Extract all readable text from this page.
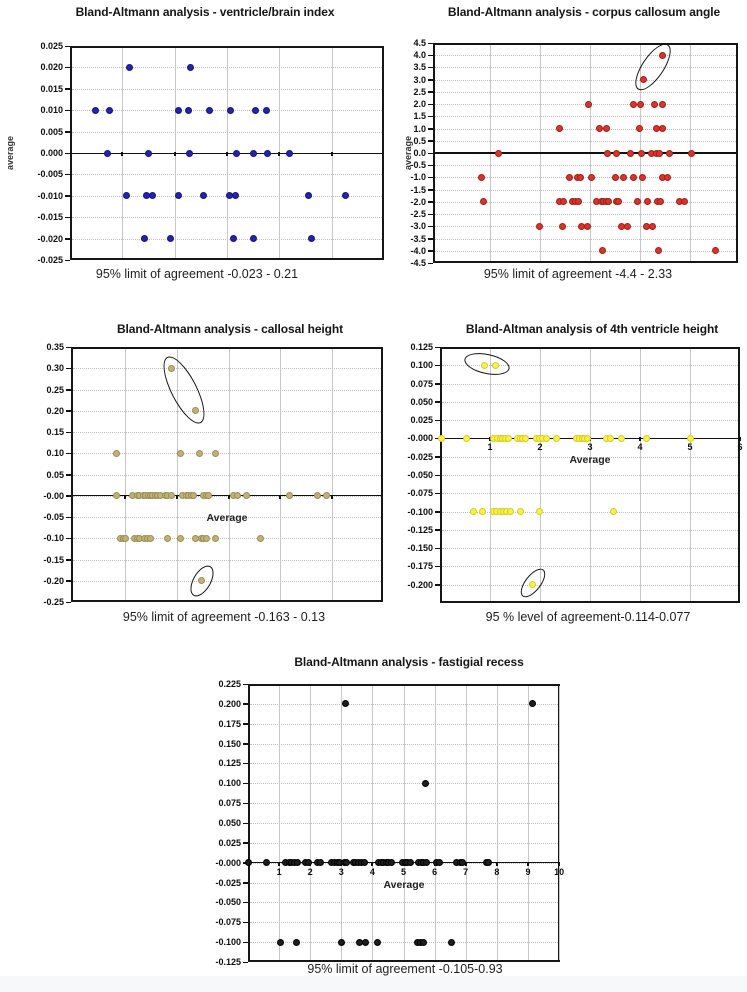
Bland-Altmann analysis - ventricle/brain index
average
95% limit of agreement -0.023 - 0.21
0.025
0.020
0.015
0.010
0.005
0.000
-0.005
-0.010
-0.015
-0.020
-0.025
Bland-Altmann analysis - corpus callosum angle
average
95% limit of agreement -4.4 - 2.33
4.5
4.0
3.5
3.0
2.5
2.0
1.5
1.0
0.5
0.0
-0.5
-1.0
-1.5
-2.0
-2.5
-3.0
-3.5
-4.0
-4.5
Bland-Altmann analysis - callosal height
95% limit of agreement -0.163 - 0.13
0.35
0.30
0.25
0.20
0.15
0.10
0.05
-0.00
-0.05
-0.10
-0.15
-0.20
-0.25
Average
Bland-Altman analysis of 4th ventricle height
95 % level of agreement-0.114-0.077
0.125
0.100
0.075
0.050
0.025
-0.000
-0.025
-0.050
-0.075
-0.100
-0.125
-0.150
-0.175
-0.200
1	2	3	4	5	6
Average
Bland-Altmann analysis - fastigial recess
95% limit of agreement -0.105-0.93
0.225
0.200
0.175
0.150
0.125
0.100
0.075
0.050
0.025
-0.000
-0.025
-0.050
-0.075
-0.100
-0.125
1	2	3	4	5	6	7	8	9	10
Average
